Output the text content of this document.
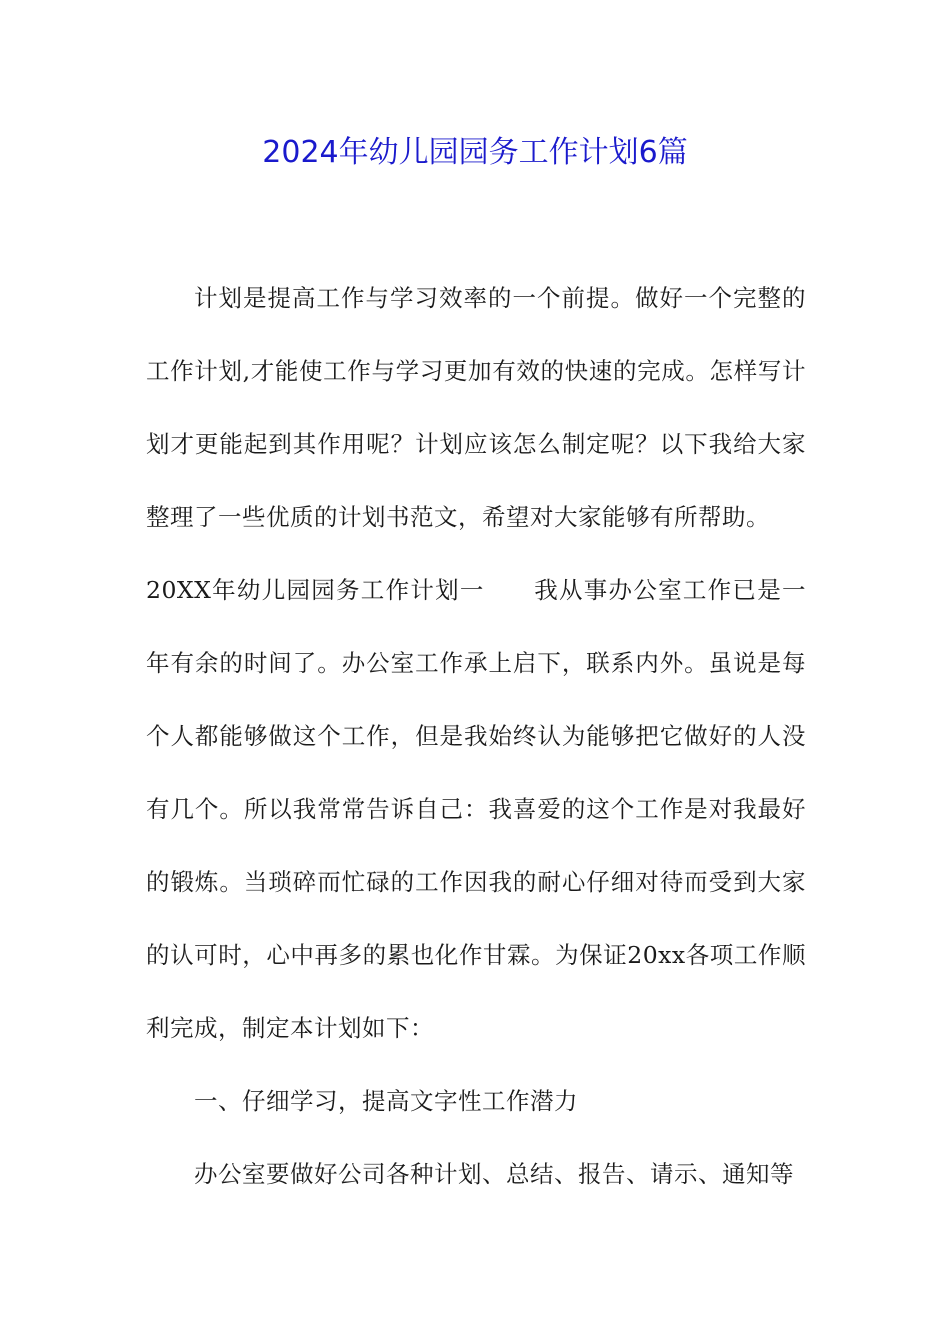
2024年幼儿园园务工作计划6篇

计划是提高工作与学习效率的一个前提。做好一个完整的工作计划,才能使工作与学习更加有效的快速的完成。怎样写计划才更能起到其作用呢？计划应该怎么制定呢？以下我给大家整理了一些优质的计划书范文，希望对大家能够有所帮助。

20XX年幼儿园园务工作计划一　　我从事办公室工作已是一年有余的时间了。办公室工作承上启下，联系内外。虽说是每个人都能够做这个工作，但是我始终认为能够把它做好的人没有几个。所以我常常告诉自己：我喜爱的这个工作是对我最好的锻炼。当琐碎而忙碌的工作因我的耐心仔细对待而受到大家的认可时，心中再多的累也化作甘霖。为保证20xx各项工作顺利完成，制定本计划如下：

一、仔细学习，提高文字性工作潜力

办公室要做好公司各种计划、总结、报告、请示、通知等
